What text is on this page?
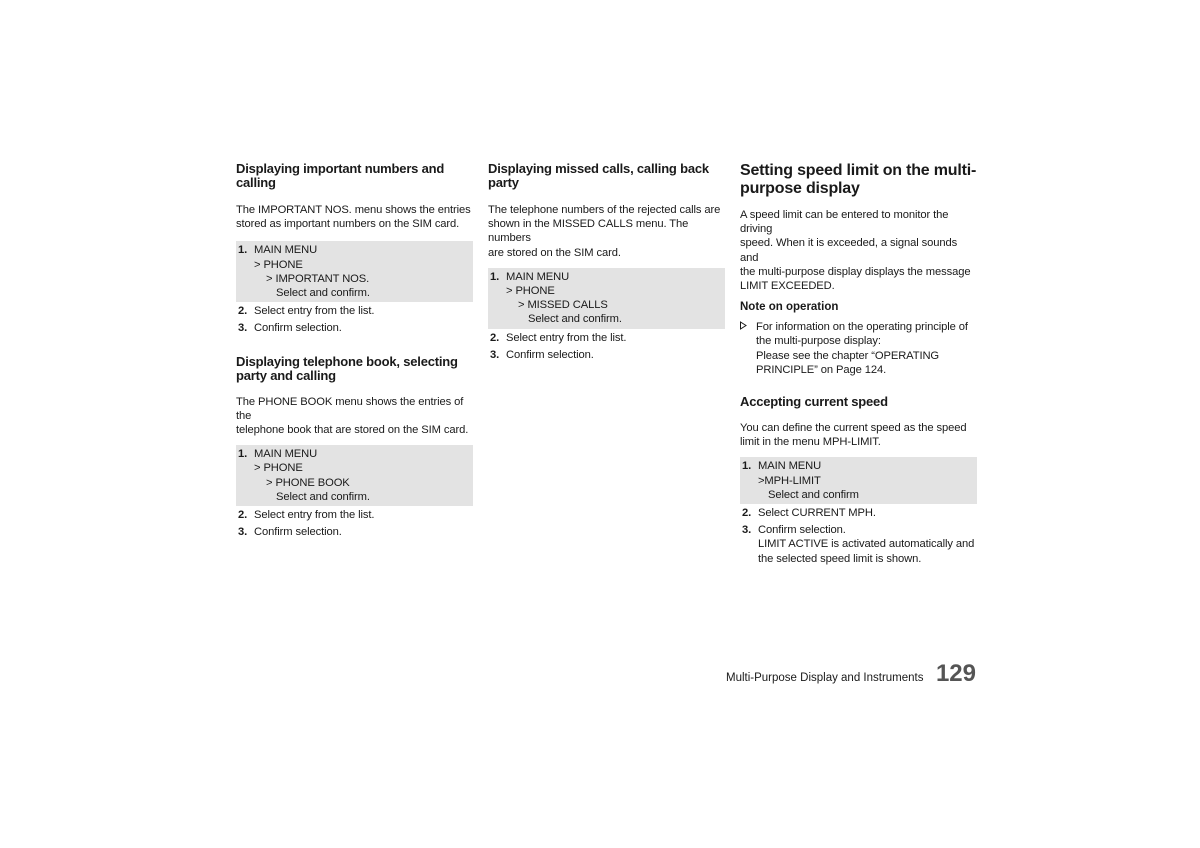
Displaying important numbers and calling

The IMPORTANT NOS. menu shows the entries
stored as important numbers on the SIM card.

1. MAIN MENU
> PHONE
> IMPORTANT NOS.
Select and confirm.
2. Select entry from the list.
3. Confirm selection.

Displaying telephone book, selecting
party and calling

The PHONE BOOK menu shows the entries of the
telephone book that are stored on the SIM card.

1. MAIN MENU
> PHONE
> PHONE BOOK
Select and confirm.
2. Select entry from the list.
3. Confirm selection.

Displaying missed calls, calling back
party

The telephone numbers of the rejected calls are
shown in the MISSED CALLS menu. The numbers
are stored on the SIM card.

1. MAIN MENU
> PHONE
> MISSED CALLS
Select and confirm.
2. Select entry from the list.
3. Confirm selection.

Setting speed limit on the multi-
purpose display

A speed limit can be entered to monitor the driving
speed. When it is exceeded, a signal sounds and
the multi-purpose display displays the message
LIMIT EXCEEDED.

Note on operation

For information on the operating principle of
the multi-purpose display:
Please see the chapter “OPERATING
PRINCIPLE” on Page 124.

Accepting current speed

You can define the current speed as the speed
limit in the menu MPH-LIMIT.

1. MAIN MENU
>MPH-LIMIT
Select and confirm
2. Select CURRENT MPH.
3. Confirm selection.
LIMIT ACTIVE is activated automatically and
the selected speed limit is shown.
Multi-Purpose Display and Instruments 129
